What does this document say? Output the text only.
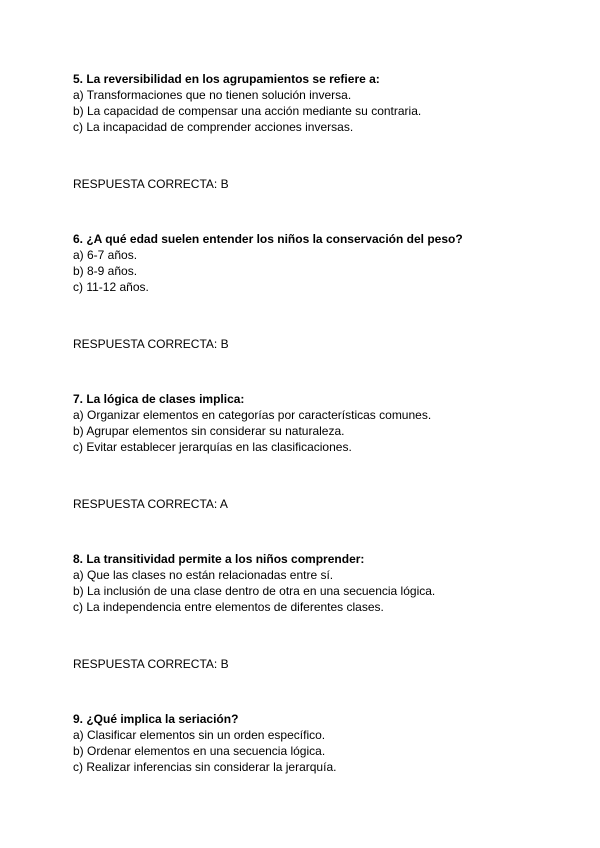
5. La reversibilidad en los agrupamientos se refiere a:
a) Transformaciones que no tienen solución inversa.
b) La capacidad de compensar una acción mediante su contraria.
c) La incapacidad de comprender acciones inversas.
RESPUESTA CORRECTA: B
6. ¿A qué edad suelen entender los niños la conservación del peso?
a) 6-7 años.
b) 8-9 años.
c) 11-12 años.
RESPUESTA CORRECTA: B
7. La lógica de clases implica:
a) Organizar elementos en categorías por características comunes.
b) Agrupar elementos sin considerar su naturaleza.
c) Evitar establecer jerarquías en las clasificaciones.
RESPUESTA CORRECTA: A
8. La transitividad permite a los niños comprender:
a) Que las clases no están relacionadas entre sí.
b) La inclusión de una clase dentro de otra en una secuencia lógica.
c) La independencia entre elementos de diferentes clases.
RESPUESTA CORRECTA: B
9. ¿Qué implica la seriación?
a) Clasificar elementos sin un orden específico.
b) Ordenar elementos en una secuencia lógica.
c) Realizar inferencias sin considerar la jerarquía.
